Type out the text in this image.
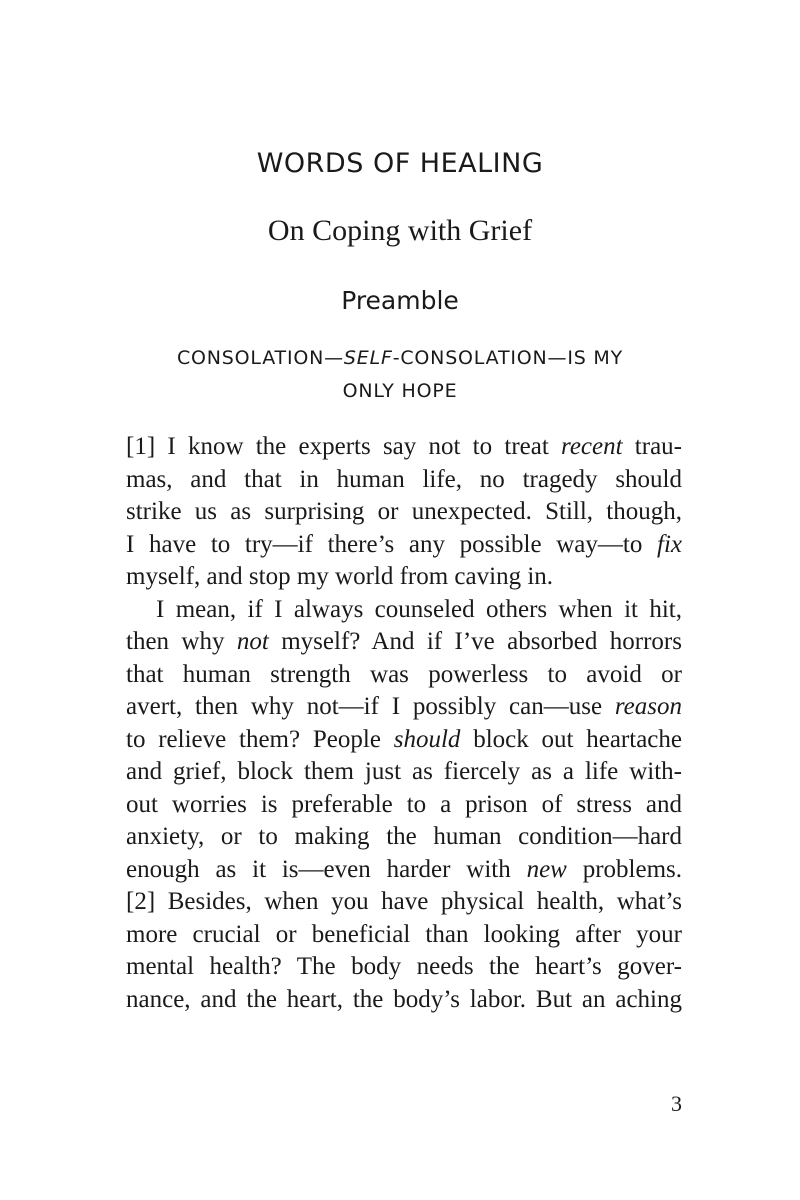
WORDS OF HEALING
On Coping with Grief
Preamble
CONSOLATION—SELF-CONSOLATION—IS MY
ONLY HOPE
[1] I know the experts say not to treat recent trau-
mas, and that in human life, no tragedy should
strike us as surprising or unexpected. Still, though,
I have to try—if there’s any possible way—to fix
myself, and stop my world from caving in.
I mean, if I always counseled others when it hit,
then why not myself? And if I’ve absorbed horrors
that human strength was powerless to avoid or
avert, then why not—if I possibly can—use reason
to relieve them? People should block out heartache
and grief, block them just as fiercely as a life with-
out worries is preferable to a prison of stress and
anxiety, or to making the human condition—hard
enough as it is—even harder with new problems.
[2] Besides, when you have physical health, what’s
more crucial or beneficial than looking after your
mental health? The body needs the heart’s gover-
nance, and the heart, the body’s labor. But an aching
3
